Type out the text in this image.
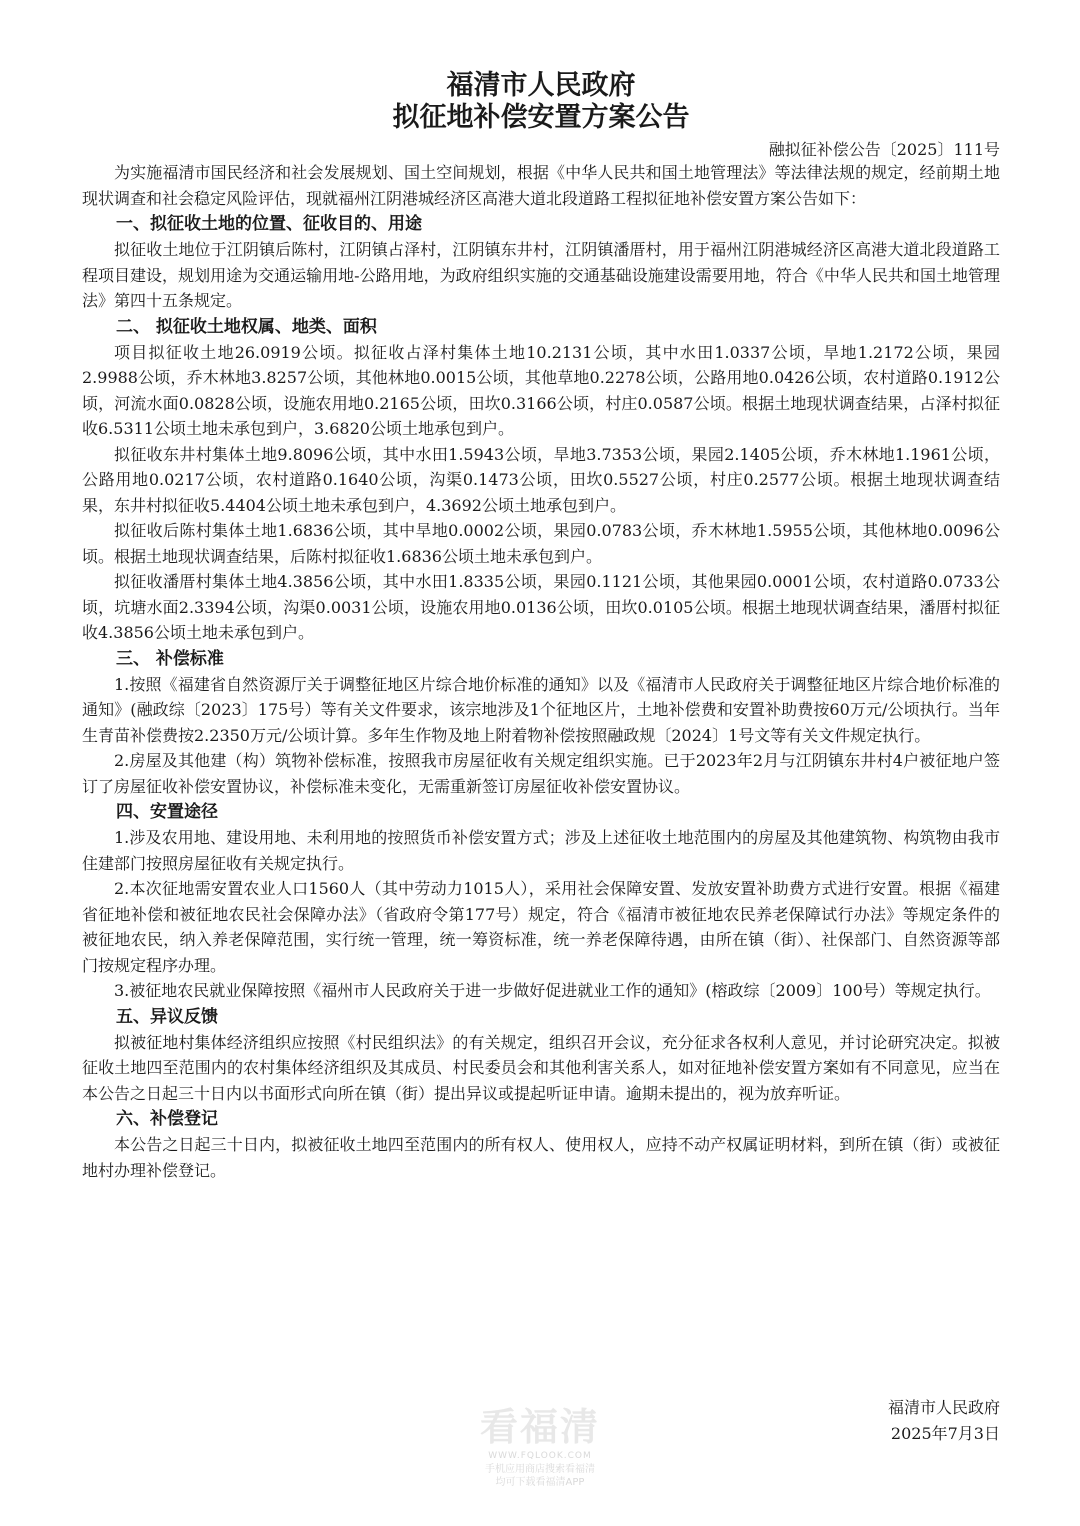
福清市人民政府
拟征地补偿安置方案公告
融拟征补偿公告〔2025〕111号

为实施福清市国民经济和社会发展规划、国土空间规划，根据《中华人民共和国土地管理法》等法律法规的规定，经前期土地现状调查和社会稳定风险评估，现就福州江阴港城经济区高港大道北段道路工程拟征地补偿安置方案公告如下：

一、拟征收土地的位置、征收目的、用途

拟征收土地位于江阴镇后陈村，江阴镇占泽村，江阴镇东井村，江阴镇潘厝村，用于福州江阴港城经济区高港大道北段道路工程项目建设，规划用途为交通运输用地-公路用地，为政府组织实施的交通基础设施建设需要用地，符合《中华人民共和国土地管理法》第四十五条规定。

二、 拟征收土地权属、地类、面积

项目拟征收土地26.0919公顷。拟征收占泽村集体土地10.2131公顷，其中水田1.0337公顷，旱地1.2172公顷，果园2.9988公顷，乔木林地3.8257公顷，其他林地0.0015公顷，其他草地0.2278公顷，公路用地0.0426公顷，农村道路0.1912公顷，河流水面0.0828公顷，设施农用地0.2165公顷，田坎0.3166公顷，村庄0.0587公顷。根据土地现状调查结果，占泽村拟征收6.5311公顷土地未承包到户，3.6820公顷土地承包到户。

拟征收东井村集体土地9.8096公顷，其中水田1.5943公顷，旱地3.7353公顷，果园2.1405公顷，乔木林地1.1961公顷，公路用地0.0217公顷，农村道路0.1640公顷，沟渠0.1473公顷，田坎0.5527公顷，村庄0.2577公顷。根据土地现状调查结果，东井村拟征收5.4404公顷土地未承包到户，4.3692公顷土地承包到户。

拟征收后陈村集体土地1.6836公顷，其中旱地0.0002公顷，果园0.0783公顷，乔木林地1.5955公顷，其他林地0.0096公顷。根据土地现状调查结果，后陈村拟征收1.6836公顷土地未承包到户。

拟征收潘厝村集体土地4.3856公顷，其中水田1.8335公顷，果园0.1121公顷，其他果园0.0001公顷，农村道路0.0733公顷，坑塘水面2.3394公顷，沟渠0.0031公顷，设施农用地0.0136公顷，田坎0.0105公顷。根据土地现状调查结果，潘厝村拟征收4.3856公顷土地未承包到户。

三、 补偿标准

1.按照《福建省自然资源厅关于调整征地区片综合地价标准的通知》以及《福清市人民政府关于调整征地区片综合地价标准的通知》(融政综〔2023〕175号）等有关文件要求，该宗地涉及1个征地区片，土地补偿费和安置补助费按60万元/公顷执行。当年生青苗补偿费按2.2350万元/公顷计算。多年生作物及地上附着物补偿按照融政规〔2024〕1号文等有关文件规定执行。

2.房屋及其他建（构）筑物补偿标准，按照我市房屋征收有关规定组织实施。已于2023年2月与江阴镇东井村4户被征地户签订了房屋征收补偿安置协议，补偿标准未变化，无需重新签订房屋征收补偿安置协议。

四、安置途径

1.涉及农用地、建设用地、未利用地的按照货币补偿安置方式；涉及上述征收土地范围内的房屋及其他建筑物、构筑物由我市住建部门按照房屋征收有关规定执行。

2.本次征地需安置农业人口1560人（其中劳动力1015人），采用社会保障安置、发放安置补助费方式进行安置。根据《福建省征地补偿和被征地农民社会保障办法》（省政府令第177号）规定，符合《福清市被征地农民养老保障试行办法》等规定条件的被征地农民，纳入养老保障范围，实行统一管理，统一筹资标准，统一养老保障待遇，由所在镇（街）、社保部门、自然资源等部门按规定程序办理。

3.被征地农民就业保障按照《福州市人民政府关于进一步做好促进就业工作的通知》(榕政综〔2009〕100号）等规定执行。

五、异议反馈

拟被征地村集体经济组织应按照《村民组织法》的有关规定，组织召开会议，充分征求各权利人意见，并讨论研究决定。拟被征收土地四至范围内的农村集体经济组织及其成员、村民委员会和其他利害关系人，如对征地补偿安置方案如有不同意见，应当在本公告之日起三十日内以书面形式向所在镇（街）提出异议或提起听证申请。逾期未提出的，视为放弃听证。

六、补偿登记

本公告之日起三十日内，拟被征收土地四至范围内的所有权人、使用权人，应持不动产权属证明材料，到所在镇（街）或被征地村办理补偿登记。

福清市人民政府
2025年7月3日
看福清
WWW.FQLOOK.COM
手机应用商店搜索看福清
均可下载看福清APP
